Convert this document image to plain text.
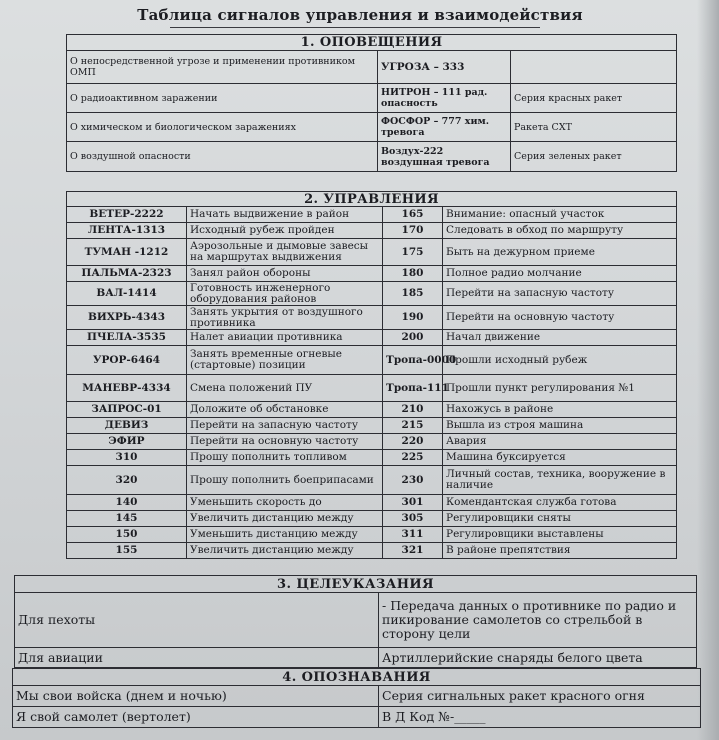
Таблица сигналов управления и взаимодействия
1. ОПОВЕЩЕНИЯ		
О непосредственной угрозе и применении противником ОМП	УГРОЗА – 333	
О радиоактивном заражении	НИТРОН – 111 рад. опасность	Серия красных ракет
О химическом и биологическом заражениях	ФОСФОР – 777 хим. тревога	Ракета СХТ
О воздушной опасности	Воздух-222 воздушная тревога	Серия зеленых ракет
2. УПРАВЛЕНИЯ			
ВЕТЕР-2222	Начать выдвижение в район	165	Внимание: опасный участок
ЛЕНТА-1313	Исходный рубеж пройден	170	Следовать в обход по маршруту
ТУМАН -1212	Аэрозольные и дымовые завесы на маршрутах выдвижения	175	Быть на дежурном приеме
ПАЛЬМА-2323	Занял район обороны	180	Полное радио молчание
ВАЛ-1414	Готовность инженерного оборудования районов	185	Перейти на запасную частоту
ВИХРЬ-4343	Занять укрытия от воздушного противника	190	Перейти на основную частоту
ПЧЕЛА-3535	Налет авиации противника	200	Начал движение
УРОР-6464	Занять временные огневые (стартовые) позиции	Тропа-0000	Прошли исходный рубеж
МАНЕВР-4334	Смена положений ПУ	Тропа-111	Прошли пункт регулирования №1
ЗАПРОС-01	Доложите об обстановке	210	Нахожусь в районе
ДЕВИЗ	Перейти на запасную частоту	215	Вышла из строя машина
ЭФИР	Перейти на основную частоту	220	Авария
310	Прошу пополнить топливом	225	Машина буксируется
320	Прошу пополнить боеприпасами	230	Личный состав, техника, вооружение в наличие
140	Уменьшить скорость до	301	Комендантская служба готова
145	Увеличить дистанцию между	305	Регулировщики сняты
150	Уменьшить дистанцию между	311	Регулировщики выставлены
155	Увеличить дистанцию между	321	В районе препятствия
3. ЦЕЛЕУКАЗАНИЯ	
Для пехоты	- Передача данных о противнике по радио и пикирование самолетов со стрельбой в сторону цели
Для авиации	Артиллерийские снаряды белого цвета
4. ОПОЗНАВАНИЯ	
Мы свои войска (днем и ночью)	Серия сигнальных ракет красного огня
Я свой самолет (вертолет)	В Д Код №-_____
